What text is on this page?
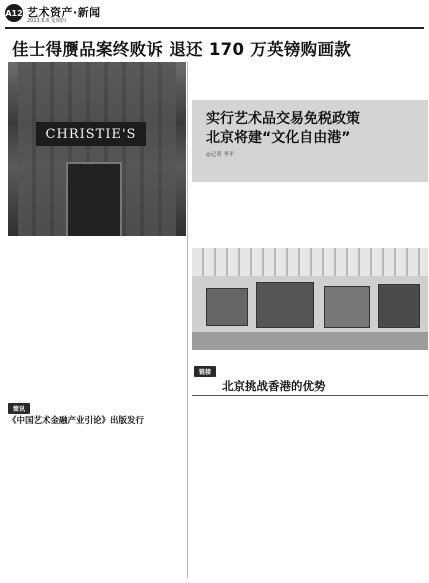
A12 艺术资产·新闻
2013.6.6 星期四
佳士得赝品案终败诉 退还 170 万英镑购画款
CHRISTIE'S
实行艺术品交易免税政策
北京将建“文化自由港”
◎记者 李平
链接
北京挑战香港的优势
简讯
《中国艺术金融产业引论》出版发行
